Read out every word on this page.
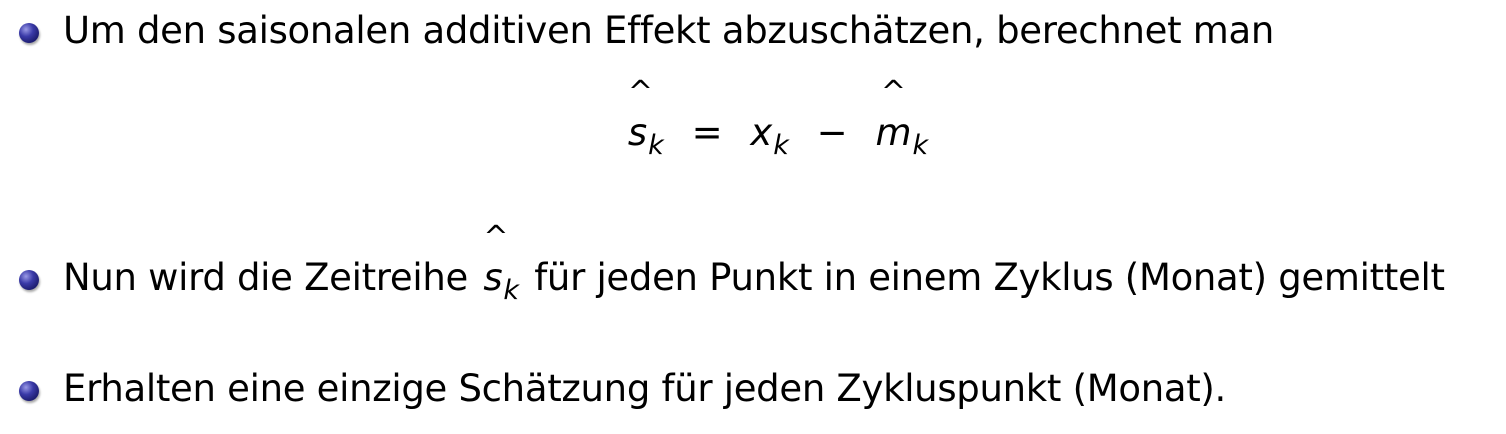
Um den saisonalen additiven Effekt abzuschätzen, berechnet man
^
$s_k = x_k$ −
^
$m_k$
Nun wird die Zeitreihe
^
$s_k$ für jeden Punkt in einem Zyklus (Monat) gemittelt
Erhalten eine einzige Schätzung für jeden Zykluspunkt (Monat).
